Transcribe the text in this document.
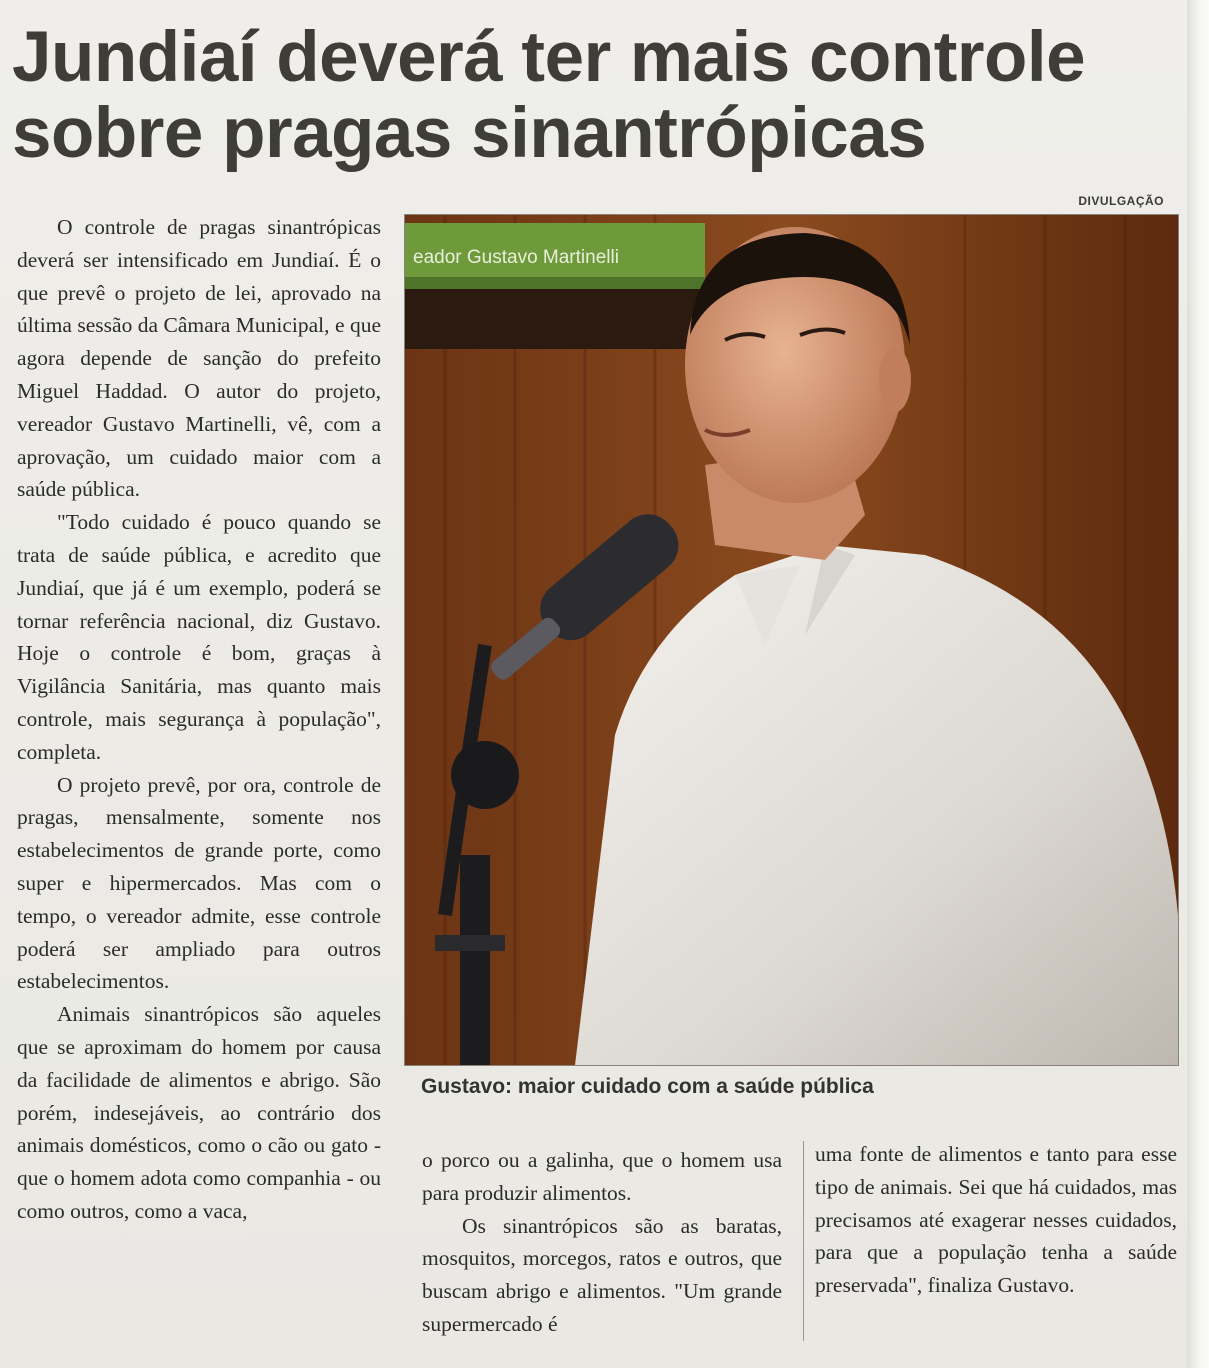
Jundiaí deverá ter mais controle
sobre pragas sinantrópicas
DIVULGAÇÃO

O controle de pragas sinantrópicas deverá ser intensificado em Jundiaí. É o que prevê o projeto de lei, aprovado na última sessão da Câmara Municipal, e que agora depende de sanção do prefeito Miguel Haddad. O autor do projeto, vereador Gustavo Martinelli, vê, com a aprovação, um cuidado maior com a saúde pública.

"Todo cuidado é pouco quando se trata de saúde pública, e acredito que Jundiaí, que já é um exemplo, poderá se tornar referência nacional, diz Gustavo. Hoje o controle é bom, graças à Vigilância Sanitária, mas quanto mais controle, mais segurança à população", completa.

O projeto prevê, por ora, controle de pragas, mensalmente, somente nos estabelecimentos de grande porte, como super e hipermercados. Mas com o tempo, o vereador admite, esse controle poderá ser ampliado para outros estabelecimentos.

Animais sinantrópicos são aqueles que se aproximam do homem por causa da facilidade de alimentos e abrigo. São porém, indesejáveis, ao contrário dos animais domésticos, como o cão ou gato - que o homem adota como companhia - ou como outros, como a vaca,

eador Gustavo Martinelli
Gustavo: maior cuidado com a saúde pública

o porco ou a galinha, que o homem usa para produzir alimentos.

Os sinantrópicos são as baratas, mosquitos, morcegos, ratos e outros, que buscam abrigo e alimentos. "Um grande supermercado é

uma fonte de alimentos e tanto para esse tipo de animais. Sei que há cuidados, mas precisamos até exagerar nesses cuidados, para que a população tenha a saúde preservada", finaliza Gustavo.
